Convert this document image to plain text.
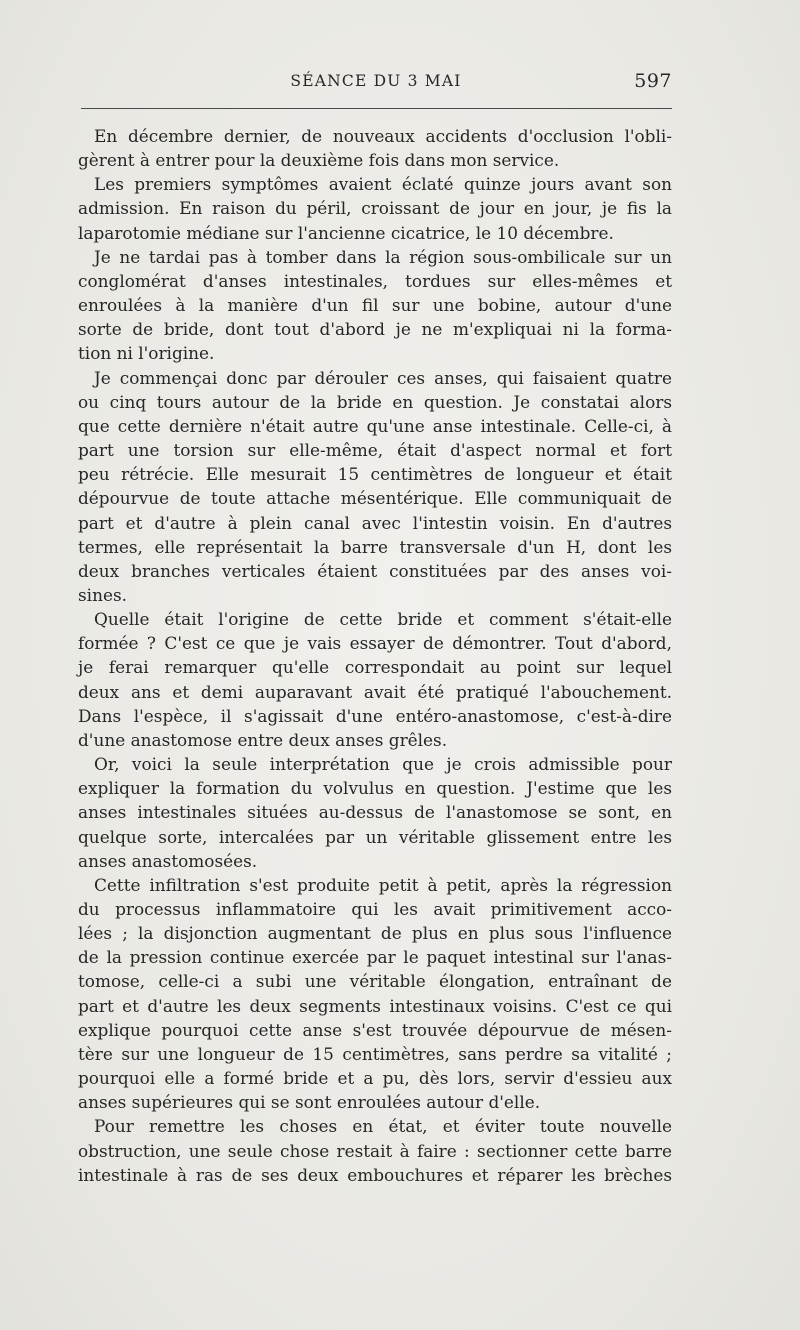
SÉANCE DU 3 MAI	597
En décembre dernier, de nouveaux accidents d'occlusion l'obli-
gèrent à entrer pour la deuxième fois dans mon service.
Les premiers symptômes avaient éclaté quinze jours avant son
admission. En raison du péril, croissant de jour en jour, je fis la
laparotomie médiane sur l'ancienne cicatrice, le 10 décembre.
Je ne tardai pas à tomber dans la région sous-ombilicale sur un
conglomérat d'anses intestinales, tordues sur elles-mêmes et
enroulées à la manière d'un fil sur une bobine, autour d'une
sorte de bride, dont tout d'abord je ne m'expliquai ni la forma-
tion ni l'origine.
Je commençai donc par dérouler ces anses, qui faisaient quatre
ou cinq tours autour de la bride en question. Je constatai alors
que cette dernière n'était autre qu'une anse intestinale. Celle-ci, à
part une torsion sur elle-même, était d'aspect normal et fort
peu rétrécie. Elle mesurait 15 centimètres de longueur et était
dépourvue de toute attache mésentérique. Elle communiquait de
part et d'autre à plein canal avec l'intestin voisin. En d'autres
termes, elle représentait la barre transversale d'un H, dont les
deux branches verticales étaient constituées par des anses voi-
sines.
Quelle était l'origine de cette bride et comment s'était-elle
formée ? C'est ce que je vais essayer de démontrer. Tout d'abord,
je ferai remarquer qu'elle correspondait au point sur lequel
deux ans et demi auparavant avait été pratiqué l'abouchement.
Dans l'espèce, il s'agissait d'une entéro-anastomose, c'est-à-dire
d'une anastomose entre deux anses grêles.
Or, voici la seule interprétation que je crois admissible pour
expliquer la formation du volvulus en question. J'estime que les
anses intestinales situées au-dessus de l'anastomose se sont, en
quelque sorte, intercalées par un véritable glissement entre les
anses anastomosées.
Cette infiltration s'est produite petit à petit, après la régression
du processus inflammatoire qui les avait primitivement acco-
lées ; la disjonction augmentant de plus en plus sous l'influence
de la pression continue exercée par le paquet intestinal sur l'anas-
tomose, celle-ci a subi une véritable élongation, entraînant de
part et d'autre les deux segments intestinaux voisins. C'est ce qui
explique pourquoi cette anse s'est trouvée dépourvue de mésen-
tère sur une longueur de 15 centimètres, sans perdre sa vitalité ;
pourquoi elle a formé bride et a pu, dès lors, servir d'essieu aux
anses supérieures qui se sont enroulées autour d'elle.
Pour remettre les choses en état, et éviter toute nouvelle
obstruction, une seule chose restait à faire : sectionner cette barre
intestinale à ras de ses deux embouchures et réparer les brèches
